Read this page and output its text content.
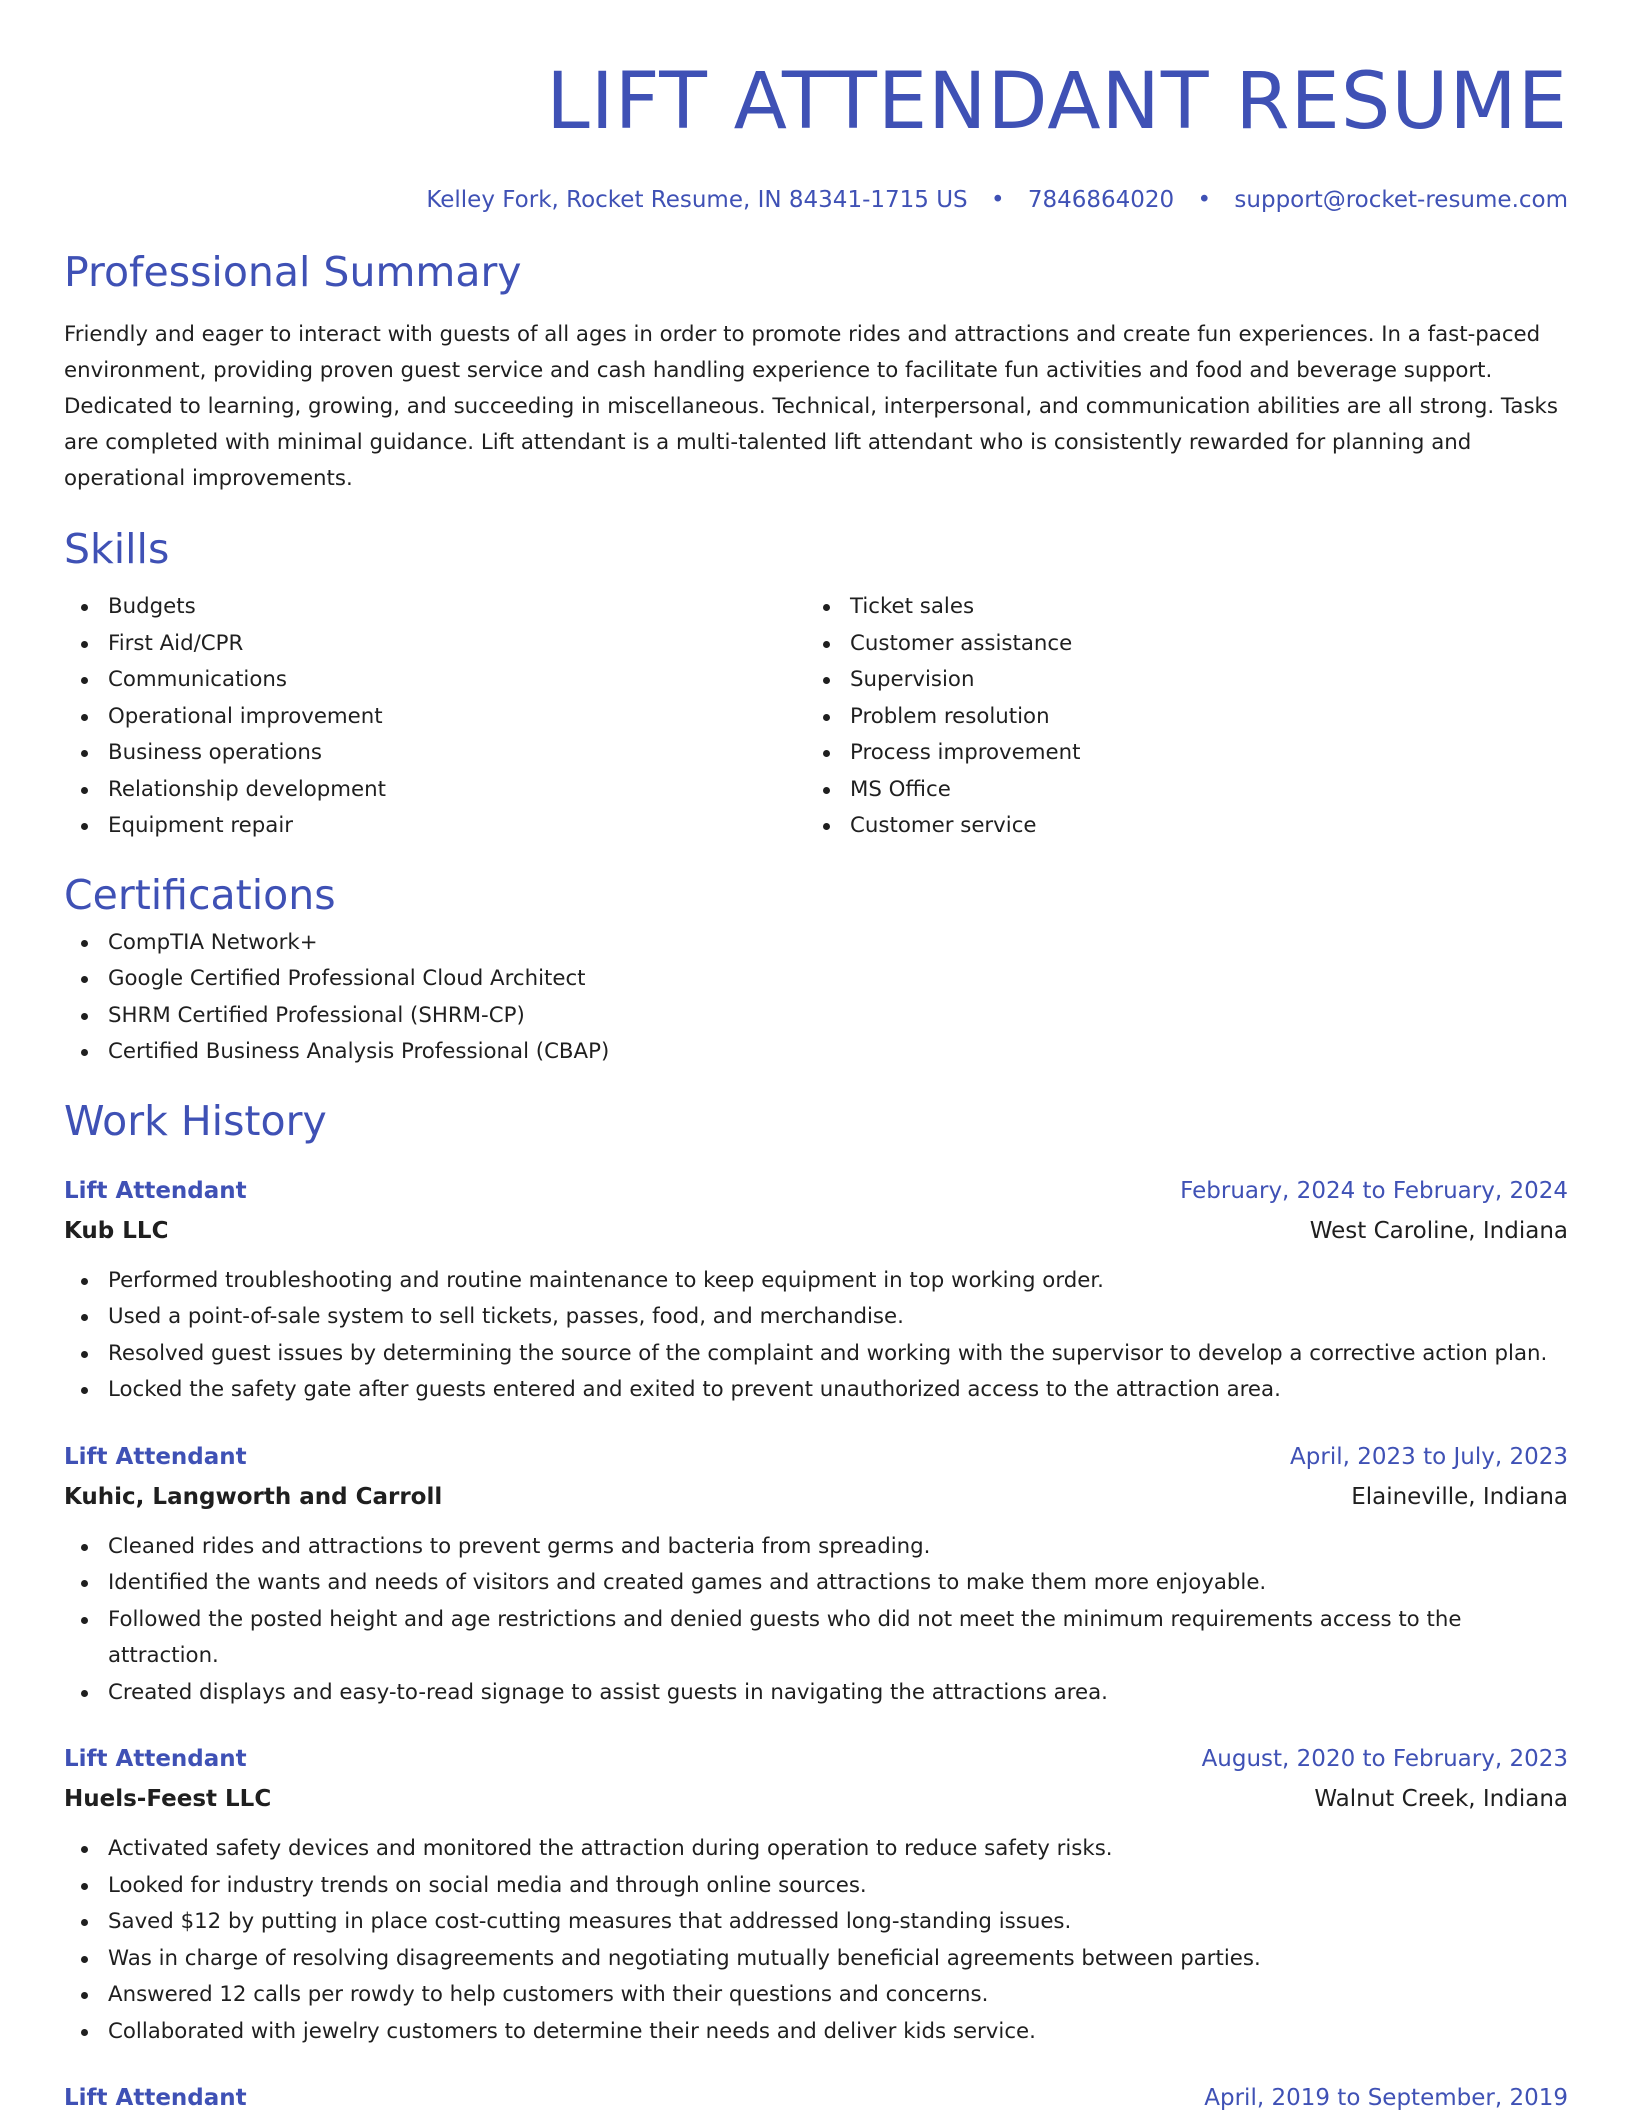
LIFT ATTENDANT RESUME
Kelley Fork, Rocket Resume, IN 84341-1715 US • 7846864020 • support@rocket-resume.com
Professional Summary

Friendly and eager to interact with guests of all ages in order to promote rides and attractions and create fun experiences. In a fast-paced environment, providing proven guest service and cash handling experience to facilitate fun activities and food and beverage support. Dedicated to learning, growing, and succeeding in miscellaneous. Technical, interpersonal, and communication abilities are all strong. Tasks are completed with minimal guidance. Lift attendant is a multi-talented lift attendant who is consistently rewarded for planning and operational improvements.

Skills
Budgets
First Aid/CPR
Communications
Operational improvement
Business operations
Relationship development
Equipment repair
Ticket sales
Customer assistance
Supervision
Problem resolution
Process improvement
MS Office
Customer service
Certifications
CompTIA Network+
Google Certified Professional Cloud Architect
SHRM Certified Professional (SHRM-CP)
Certified Business Analysis Professional (CBAP)
Work History
Lift Attendant	February, 2024 to February, 2024
Kub LLC	West Caroline, Indiana
Performed troubleshooting and routine maintenance to keep equipment in top working order.
Used a point-of-sale system to sell tickets, passes, food, and merchandise.
Resolved guest issues by determining the source of the complaint and working with the supervisor to develop a corrective action plan.
Locked the safety gate after guests entered and exited to prevent unauthorized access to the attraction area.
Lift Attendant	April, 2023 to July, 2023
Kuhic, Langworth and Carroll	Elaineville, Indiana
Cleaned rides and attractions to prevent germs and bacteria from spreading.
Identified the wants and needs of visitors and created games and attractions to make them more enjoyable.
Followed the posted height and age restrictions and denied guests who did not meet the minimum requirements access to the attraction.
Created displays and easy-to-read signage to assist guests in navigating the attractions area.
Lift Attendant	August, 2020 to February, 2023
Huels-Feest LLC	Walnut Creek, Indiana
Activated safety devices and monitored the attraction during operation to reduce safety risks.
Looked for industry trends on social media and through online sources.
Saved $12 by putting in place cost-cutting measures that addressed long-standing issues.
Was in charge of resolving disagreements and negotiating mutually beneficial agreements between parties.
Answered 12 calls per rowdy to help customers with their questions and concerns.
Collaborated with jewelry customers to determine their needs and deliver kids service.
Lift Attendant	April, 2019 to September, 2019
